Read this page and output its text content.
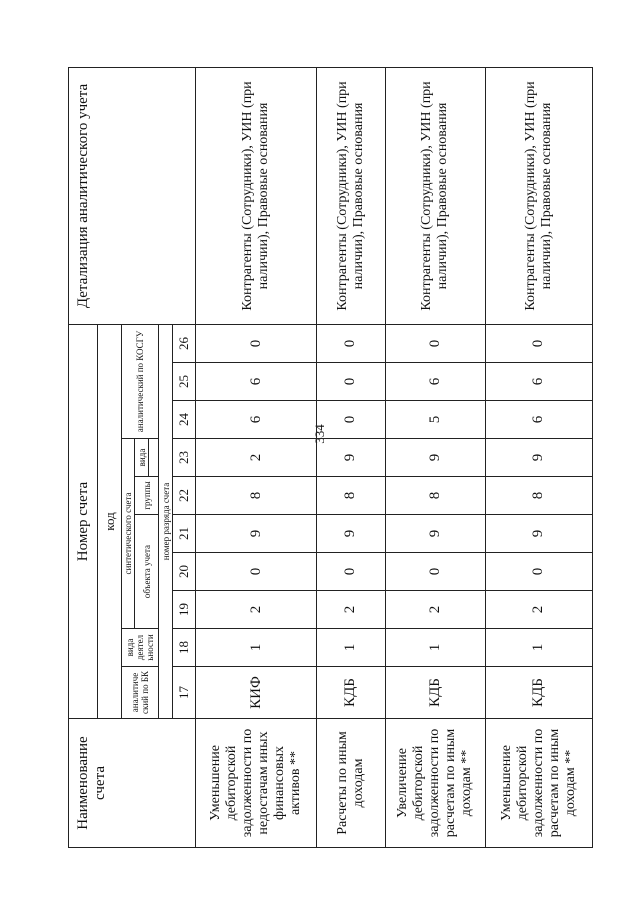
334
Наименование счета	Номер счета										Детализация аналитического учета
	код										
	аналитиче ский по БК	вида деятел ьности	синтетического счета					аналитический по КОСГУ			
			объекта учета			группы	вида				

	номер разряда счета										
	17	18	19	20	21	22	23	24	25	26	
Уменьшение дебиторской задолженности по недостачам иных финансовых активов **	КИФ	1	2	0	9	8	2	6	6	0	Контрагенты (Сотрудники), УИН (при наличии), Правовые основания
Расчеты по иным доходам	КДБ	1	2	0	9	8	9	0	0	0	Контрагенты (Сотрудники), УИН (при наличии), Правовые основания
Увеличение дебиторской задолженности по расчетам по иным доходам **	КДБ	1	2	0	9	8	9	5	6	0	Контрагенты (Сотрудники), УИН (при наличии), Правовые основания
Уменьшение дебиторской задолженности по расчетам по иным доходам **	КДБ	1	2	0	9	8	9	6	6	0	Контрагенты (Сотрудники), УИН (при наличии), Правовые основания
